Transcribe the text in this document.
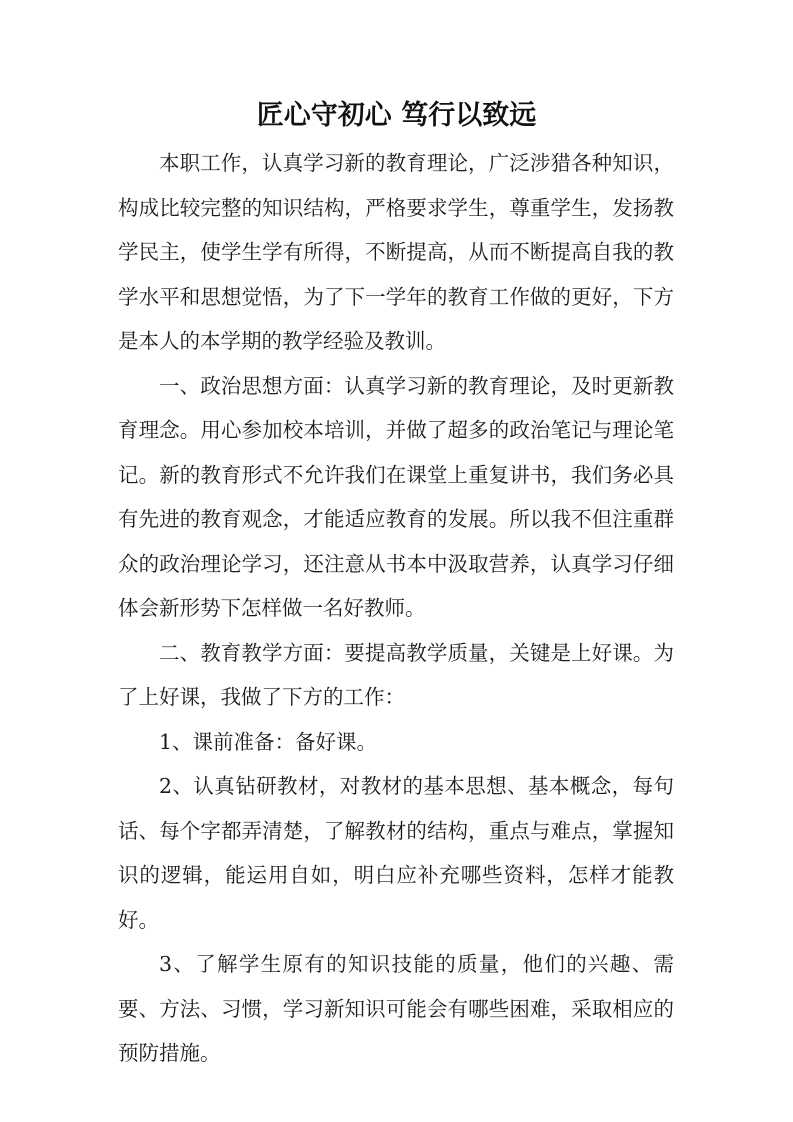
匠心守初心 笃行以致远

本职工作，认真学习新的教育理论，广泛涉猎各种知识，构成比较完整的知识结构，严格要求学生，尊重学生，发扬教学民主，使学生学有所得，不断提高，从而不断提高自我的教学水平和思想觉悟，为了下一学年的教育工作做的更好，下方是本人的本学期的教学经验及教训。

一、政治思想方面：认真学习新的教育理论，及时更新教育理念。用心参加校本培训，并做了超多的政治笔记与理论笔记。新的教育形式不允许我们在课堂上重复讲书，我们务必具有先进的教育观念，才能适应教育的发展。所以我不但注重群众的政治理论学习，还注意从书本中汲取营养，认真学习仔细体会新形势下怎样做一名好教师。

二、教育教学方面：要提高教学质量，关键是上好课。为了上好课，我做了下方的工作：

1、课前准备：备好课。

2、认真钻研教材，对教材的基本思想、基本概念，每句话、每个字都弄清楚，了解教材的结构，重点与难点，掌握知识的逻辑，能运用自如，明白应补充哪些资料，怎样才能教好。

3、了解学生原有的知识技能的质量，他们的兴趣、需要、方法、习惯，学习新知识可能会有哪些困难，采取相应的预防措施。
